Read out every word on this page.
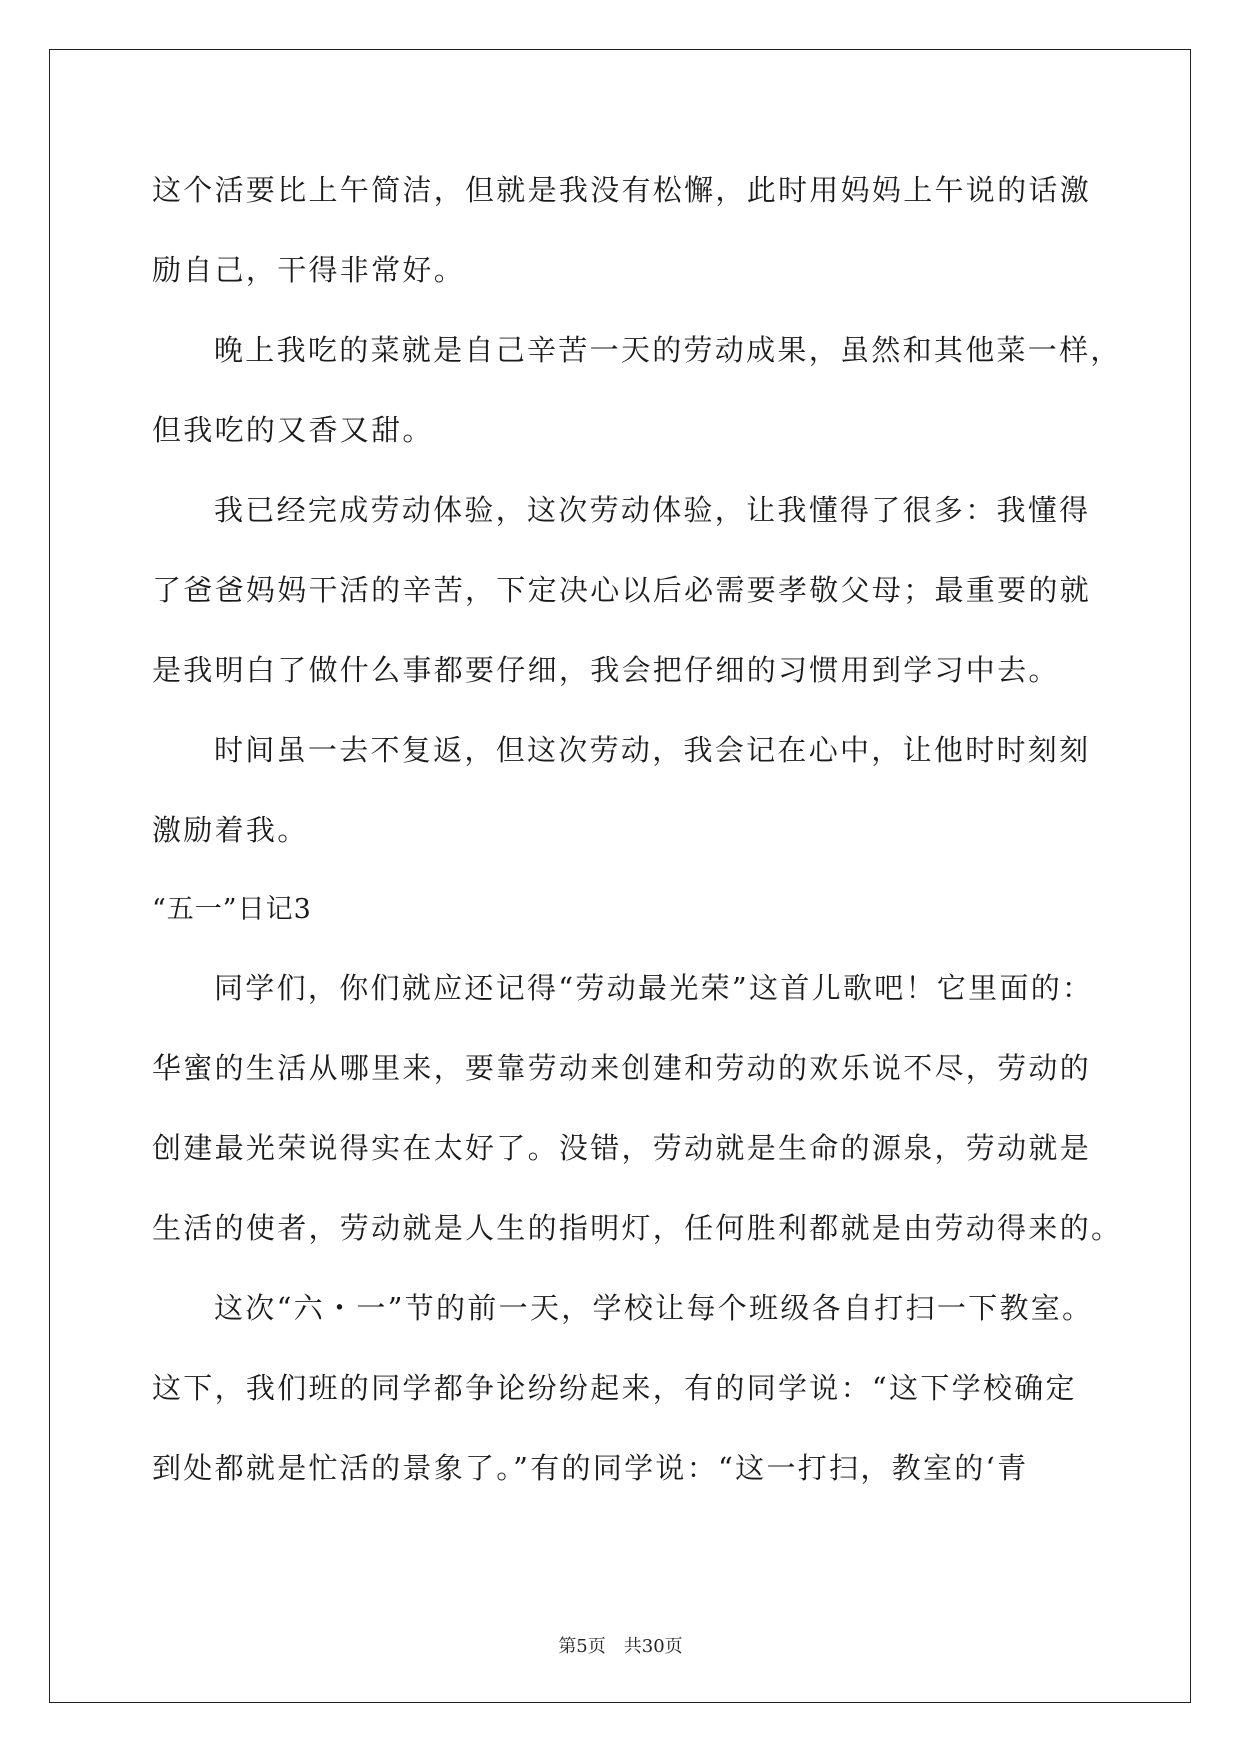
这个活要比上午简洁，但就是我没有松懈，此时用妈妈上午说的话激
励自己，干得非常好。
晚上我吃的菜就是自己辛苦一天的劳动成果，虽然和其他菜一样，
但我吃的又香又甜。
我已经完成劳动体验，这次劳动体验，让我懂得了很多：我懂得
了爸爸妈妈干活的辛苦，下定决心以后必需要孝敬父母；最重要的就
是我明白了做什么事都要仔细，我会把仔细的习惯用到学习中去。
时间虽一去不复返，但这次劳动，我会记在心中，让他时时刻刻
激励着我。
“五一”日记3
同学们，你们就应还记得“劳动最光荣”这首儿歌吧！它里面的：
华蜜的生活从哪里来，要靠劳动来创建和劳动的欢乐说不尽，劳动的
创建最光荣说得实在太好了。没错，劳动就是生命的源泉，劳动就是
生活的使者，劳动就是人生的指明灯，任何胜利都就是由劳动得来的。
这次“六・一”节的前一天，学校让每个班级各自打扫一下教室。
这下，我们班的同学都争论纷纷起来，有的同学说：“这下学校确定
到处都就是忙活的景象了。”有的同学说：“这一打扫，教室的‘青
第5页　共30页
